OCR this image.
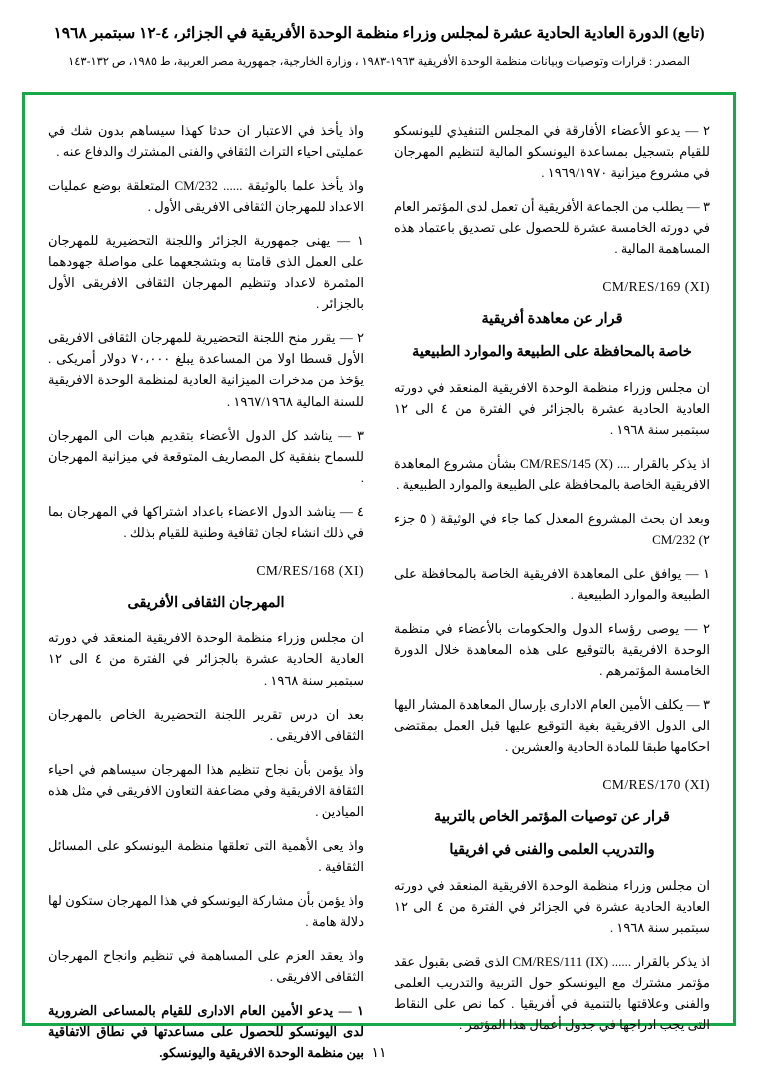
(تابع) الدورة العادية الحادية عشرة لمجلس وزراء منظمة الوحدة الأفريقية في الجزائر، ٤-١٢ سبتمبر ١٩٦٨
المصدر : ‏قرارات وتوصيات وبيانات منظمة الوحدة الأفريقية ١٩٦٣-١٩٨٣ ، وزارة الخارجية، جمهورية مصر العربية، ط ١٩٨٥، ص ١٣٢-١٤٣
٢ — يدعو الأعضاء الأفارقة في المجلس التنفيذي لليونسكو للقيام بتسجيل بمساعدة اليونسكو المالية لتنظيم المهرجان في مشروع ميزانية ١٩٦٩/١٩٧٠ .
٣ — يطلب من الجماعة الأفريقية أن تعمل لدى المؤتمر العام في دورته الخامسة عشرة للحصول على تصديق باعتماد هذه المساهمة المالية .
CM/RES/169 (XI)
قرار عن معاهدة أفريقية
خاصة بالمحافظة على الطبيعة والموارد الطبيعية
ان مجلس وزراء منظمة الوحدة الافريقية المنعقد في دورته العادية الحادية عشرة بالجزائر في الفترة من ٤ الى ١٢ سبتمبر سنة ١٩٦٨ .
اذ يذكر بالقرار .... CM/RES/145 (X) بشأن مشروع المعاهدة الافريقية الخاصة بالمحافظة على الطبيعة والموارد الطبيعية .
وبعد ان بحث المشروع المعدل كما جاء في الوثيقة ( ٥ جزء ٢) CM/232
١ — يوافق على المعاهدة الافريقية الخاصة بالمحافظة على الطبيعة والموارد الطبيعية .
٢ — يوصى رؤساء الدول والحكومات بالأعضاء في منظمة الوحدة الافريقية بالتوقيع على هذه المعاهدة خلال الدورة الخامسة المؤتمرهم .
٣ — يكلف الأمين العام الادارى بإرسال المعاهدة المشار اليها الى الدول الافريقية بغية التوقيع عليها قبل العمل بمقتضى احكامها طبقا للمادة الحادية والعشرين .
CM/RES/170 (XI)
قرار عن توصيات المؤتمر الخاص بالتربية
والتدريب العلمى والفنى في افريقيا
ان مجلس وزراء منظمة الوحدة الافريقية المنعقد في دورته العادية الحادية عشرة في الجزائر في الفترة من ٤ الى ١٢ سبتمبر سنة ١٩٦٨ .
اذ يذكر بالقرار ...... CM/RES/111 (IX) الذى قضى بقبول عقد مؤتمر مشترك مع اليونسكو حول التربية والتدريب العلمى والفنى وعلاقتها بالتنمية في أفريقيا . كما نص على النقاط التى يجب ادراجها في جدول أعمال هذا المؤتمر .
واذ يأخذ في الاعتبار ان حدثا كهذا سيساهم بدون شك في عمليتى احياء التراث الثقافي والفنى المشترك والدفاع عنه .
واذ يأخذ علما بالوثيقة ...... CM/232 المتعلقة بوضع عمليات الاعداد للمهرجان الثقافى الافريقى الأول .
١ — يهنى جمهورية الجزائر واللجنة التحضيرية للمهرجان على العمل الذى قامتا به وبتشجعهما على مواصلة جهودهما المثمرة لاعداد وتنظيم المهرجان الثقافى الافريقى الأول بالجزائر .
٢ — يقرر منح اللجنة التحضيرية للمهرجان الثقافى الافريقى الأول قسطا اولا من المساعدة يبلغ ٧٠،٠٠٠ دولار أمريكى . يؤخذ من مدخرات الميزانية العادية لمنظمة الوحدة الافريقية للسنة المالية ١٩٦٧/١٩٦٨ .
٣ — يناشد كل الدول الأعضاء بتقديم هبات الى المهرجان للسماح بنفقية كل المصاريف المتوقعة في ميزانية المهرجان .
٤ — يناشد الدول الاعضاء باعداد اشتراكها في المهرجان بما في ذلك انشاء لجان ثقافية وطنية للقيام بذلك .
CM/RES/168 (XI)
المهرجان الثقافى الأفريقى
ان مجلس وزراء منظمة الوحدة الافريقية المنعقد في دورته العادية الحادية عشرة بالجزائر في الفترة من ٤ الى ١٢ سبتمبر سنة ١٩٦٨ .
بعد ان درس تقرير اللجنة التحضيرية الخاص بالمهرجان الثقافى الافريقى .
واذ يؤمن بأن نجاح تنظيم هذا المهرجان سيساهم في احياء الثقافة الافريقية وفي مضاعفة التعاون الافريقى في مثل هذه الميادين .
واذ يعى الأهمية التى تعلقها منظمة اليونسكو على المسائل الثقافية .
واذ يؤمن بأن مشاركة اليونسكو في هذا المهرجان ستكون لها دلالة هامة .
واذ يعقد العزم على المساهمة في تنظيم وانجاح المهرجان الثقافى الافريقى .
١ — يدعو الأمين العام الادارى للقيام بالمساعى الضرورية لدى اليونسكو للحصول على مساعدتها في نطاق الاتفاقية بين منظمة الوحدة الافريقية واليونسكو. ١١
